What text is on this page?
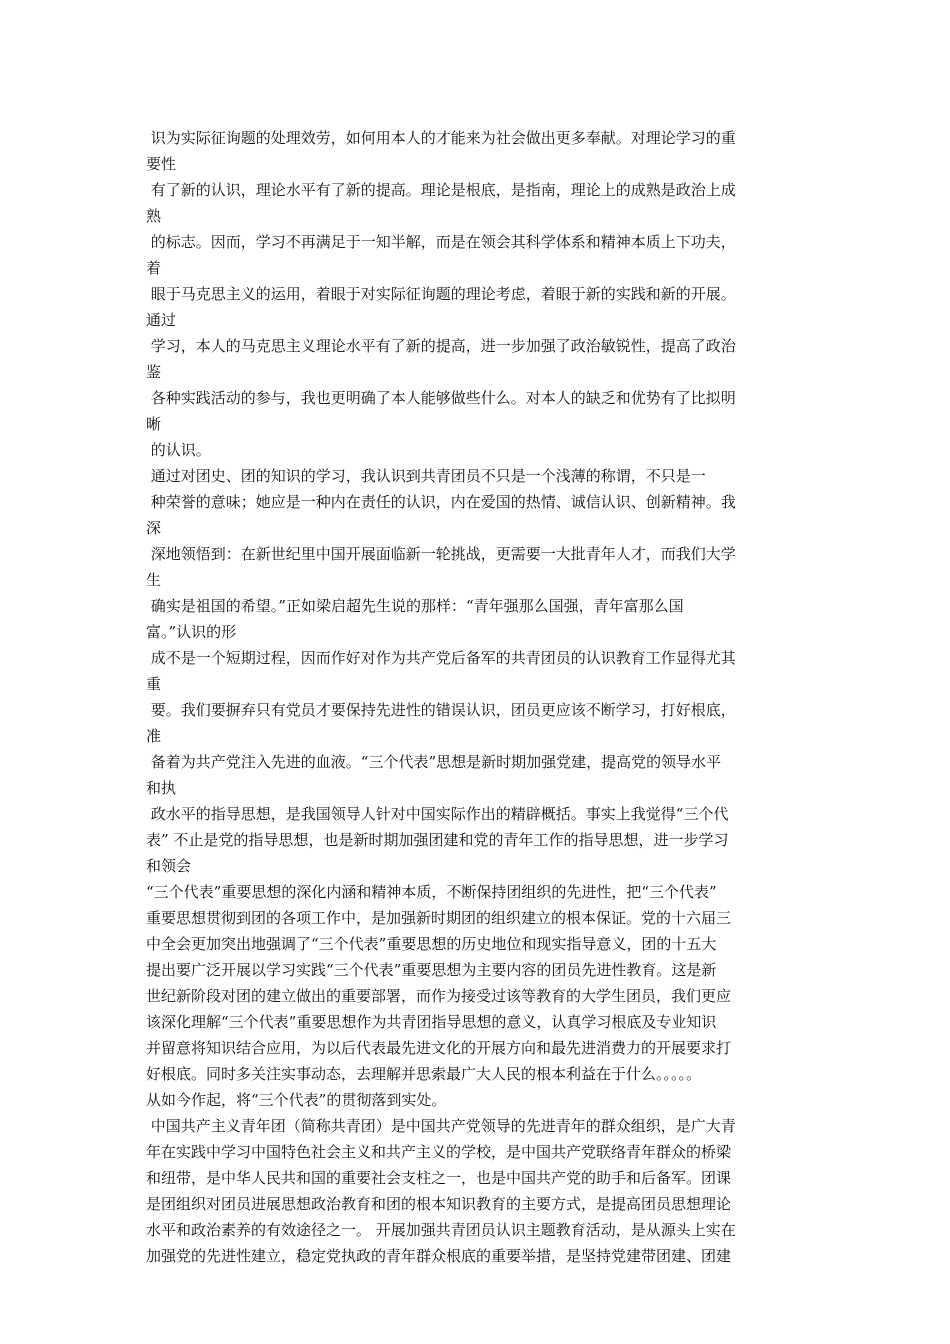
识为实际征询题的处理效劳，如何用本人的才能来为社会做出更多奉献。对理论学习的重

要性

有了新的认识，理论水平有了新的提高。理论是根底，是指南，理论上的成熟是政治上成

熟

的标志。因而，学习不再满足于一知半解，而是在领会其科学体系和精神本质上下功夫，

着

眼于马克思主义的运用，着眼于对实际征询题的理论考虑，着眼于新的实践和新的开展。

通过

学习，本人的马克思主义理论水平有了新的提高，进一步加强了政治敏锐性，提高了政治

鉴

各种实践活动的参与，我也更明确了本人能够做些什么。对本人的缺乏和优势有了比拟明

晰

的认识。

通过对团史、团的知识的学习，我认识到共青团员不只是一个浅薄的称谓，不只是一

种荣誉的意味；她应是一种内在责任的认识，内在爱国的热情、诚信认识、创新精神。我

深

深地领悟到：在新世纪里中国开展面临新一轮挑战，更需要一大批青年人才，而我们大学

生

确实是祖国的希望。”正如梁启超先生说的那样：“青年强那么国强，青年富那么国

富。”认识的形

成不是一个短期过程，因而作好对作为共产党后备军的共青团员的认识教育工作显得尤其

重

要。我们要摒弃只有党员才要保持先进性的错误认识，团员更应该不断学习，打好根底，

准

备着为共产党注入先进的血液。“三个代表”思想是新时期加强党建，提高党的领导水平

和执

政水平的指导思想，是我国领导人针对中国实际作出的精辟概括。事实上我觉得“三个代

表” 不止是党的指导思想，也是新时期加强团建和党的青年工作的指导思想，进一步学习

和领会

“三个代表”重要思想的深化内涵和精神本质，不断保持团组织的先进性，把“三个代表”

重要思想贯彻到团的各项工作中，是加强新时期团的组织建立的根本保证。党的十六届三

中全会更加突出地强调了“三个代表”重要思想的历史地位和现实指导意义，团的十五大

提出要广泛开展以学习实践“三个代表”重要思想为主要内容的团员先进性教育。这是新

世纪新阶段对团的建立做出的重要部署，而作为接受过该等教育的大学生团员，我们更应

该深化理解“三个代表”重要思想作为共青团指导思想的意义，认真学习根底及专业知识

并留意将知识结合应用，为以后代表最先进文化的开展方向和最先进消费力的开展要求打

好根底。同时多关注实事动态，去理解并思索最广大人民的根本利益在于什么。。。。。

从如今作起，将“三个代表”的贯彻落到实处。

中国共产主义青年团（简称共青团）是中国共产党领导的先进青年的群众组织，是广大青

年在实践中学习中国特色社会主义和共产主义的学校，是中国共产党联络青年群众的桥梁

和纽带，是中华人民共和国的重要社会支柱之一，也是中国共产党的助手和后备军。团课

是团组织对团员进展思想政治教育和团的根本知识教育的主要方式，是提高团员思想理论

水平和政治素养的有效途径之一。 开展加强共青团员认识主题教育活动，是从源头上实在

加强党的先进性建立，稳定党执政的青年群众根底的重要举措，是坚持党建带团建、团建
